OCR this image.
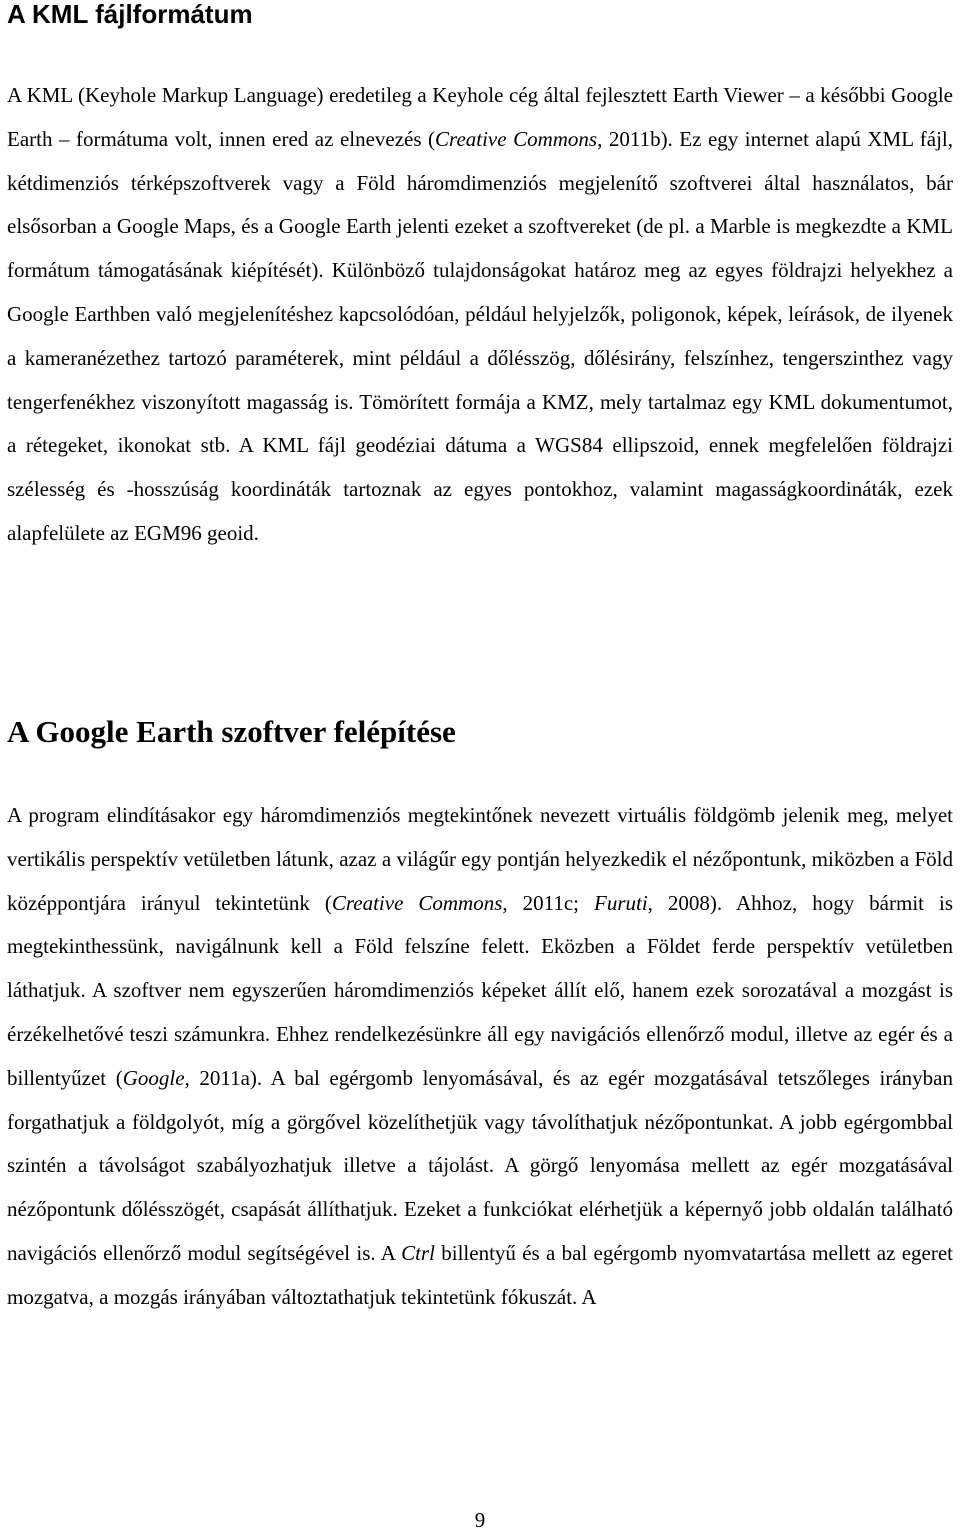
A KML fájlformátum

A KML (Keyhole Markup Language) eredetileg a Keyhole cég által fejlesztett Earth Viewer – a későbbi Google Earth – formátuma volt, innen ered az elnevezés (Creative Commons, 2011b). Ez egy internet alapú XML fájl, kétdimenziós térképszoftverek vagy a Föld háromdimenziós megjelenítő szoftverei által használatos, bár elsősorban a Google Maps, és a Google Earth jelenti ezeket a szoftvereket (de pl. a Marble is megkezdte a KML formátum támogatásának kiépítését). Különböző tulajdonságokat határoz meg az egyes földrajzi helyekhez a Google Earthben való megjelenítéshez kapcsolódóan, például helyjelzők, poligonok, képek, leírások, de ilyenek a kameranézethez tartozó paraméterek, mint például a dőlésszög, dőlésirány, felszínhez, tengerszinthez vagy tengerfenékhez viszonyított magasság is. Tömörített formája a KMZ, mely tartalmaz egy KML dokumentumot, a rétegeket, ikonokat stb. A KML fájl geodéziai dátuma a WGS84 ellipszoid, ennek megfelelően földrajzi szélesség és -hosszúság koordináták tartoznak az egyes pontokhoz, valamint magasságkoordináták, ezek alapfelülete az EGM96 geoid.

A Google Earth szoftver felépítése

A program elindításakor egy háromdimenziós megtekintőnek nevezett virtuális földgömb jelenik meg, melyet vertikális perspektív vetületben látunk, azaz a világűr egy pontján helyezkedik el nézőpontunk, miközben a Föld középpontjára irányul tekintetünk (Creative Commons, 2011c; Furuti, 2008). Ahhoz, hogy bármit is megtekinthessünk, navigálnunk kell a Föld felszíne felett. Eközben a Földet ferde perspektív vetületben láthatjuk. A szoftver nem egyszerűen háromdimenziós képeket állít elő, hanem ezek sorozatával a mozgást is érzékelhetővé teszi számunkra. Ehhez rendelkezésünkre áll egy navigációs ellenőrző modul, illetve az egér és a billentyűzet (Google, 2011a). A bal egérgomb lenyomásával, és az egér mozgatásával tetszőleges irányban forgathatjuk a földgolyót, míg a görgővel közelíthetjük vagy távolíthatjuk nézőpontunkat. A jobb egérgombbal szintén a távolságot szabályozhatjuk illetve a tájolást. A görgő lenyomása mellett az egér mozgatásával nézőpontunk dőlésszögét, csapását állíthatjuk. Ezeket a funkciókat elérhetjük a képernyő jobb oldalán található navigációs ellenőrző modul segítségével is. A Ctrl billentyű és a bal egérgomb nyomvatartása mellett az egeret mozgatva, a mozgás irányában változtathatjuk tekintetünk fókuszát. A

9
